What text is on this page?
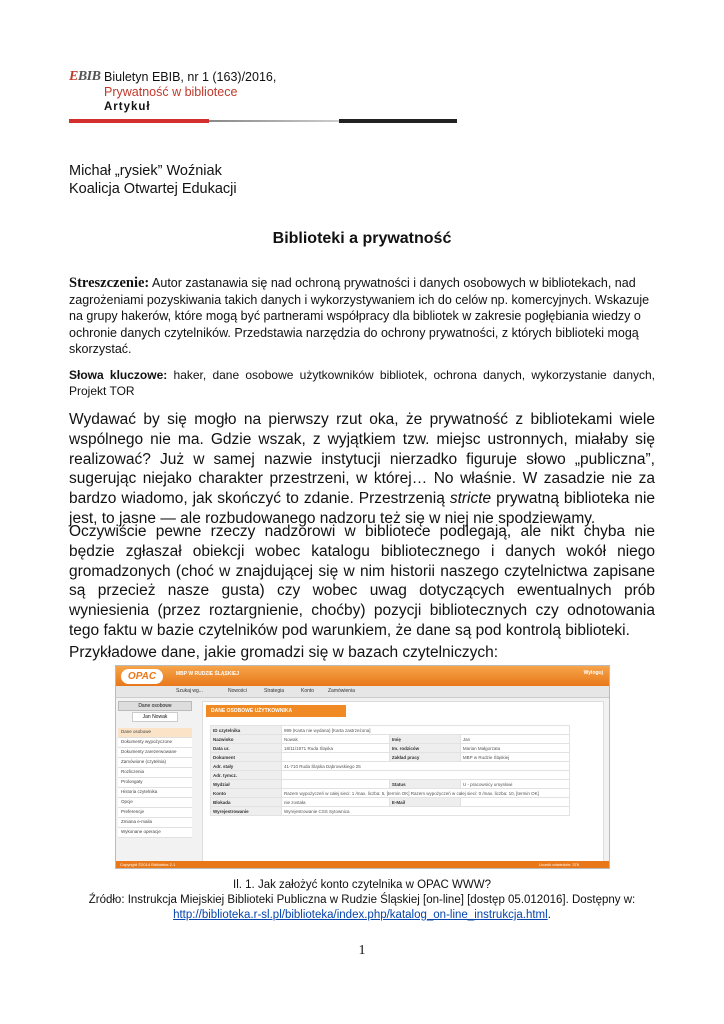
EBIB Biuletyn EBIB, nr 1 (163)/2016,
Prywatność w bibliotece
Artykuł
Michał „rysiek” Woźniak
Koalicja Otwartej Edukacji
Biblioteki a prywatność
Streszczenie: Autor zastanawia się nad ochroną prywatności i danych osobowych w bibliotekach, nad zagrożeniami pozyskiwania takich danych i wykorzystywaniem ich do celów np. komercyjnych. Wskazuje na grupy hakerów, które mogą być partnerami współpracy dla bibliotek w zakresie pogłębiania wiedzy o ochronie danych czytelników. Przedstawia narzędzia do ochrony prywatności, z których biblioteki mogą skorzystać.
Słowa kluczowe: haker, dane osobowe użytkowników bibliotek, ochrona danych, wykorzystanie danych, Projekt TOR
Wydawać by się mogło na pierwszy rzut oka, że prywatność z bibliotekami wiele wspólnego nie ma. Gdzie wszak, z wyjątkiem tzw. miejsc ustronnych, miałaby się realizować? Już w samej nazwie instytucji nierzadko figuruje słowo „publiczna”, sugerując niejako charakter przestrzeni, w której… No właśnie. W zasadzie nie za bardzo wiadomo, jak skończyć to zdanie. Przestrzenią stricte prywatną biblioteka nie jest, to jasne — ale rozbudowanego nadzoru też się w niej nie spodziewamy.
Oczywiście pewne rzeczy nadzorowi w bibliotece podlegają, ale nikt chyba nie będzie zgłaszał obiekcji wobec katalogu bibliotecznego i danych wokół niego gromadzonych (choć w znajdującej się w nim historii naszego czytelnictwa zapisane są przecież nasze gusta) czy wobec uwag dotyczących ewentualnych prób wyniesienia (przez roztargnienie, choćby) pozycji bibliotecznych czy odnotowania tego faktu w bazie czytelników pod warunkiem, że dane są pod kontrolą biblioteki.
Przykładowe dane, jakie gromadzi się w bazach czytelniczych:
OPAC	MBP W RUDZIE ŚLĄSKIEJ	Wyloguj
Szukaj wg...	Nowości	Strategia	Konto	Zamówienia
Dane osobowe
Jan Nowak
Dane osobowe
Dokumenty wypożyczone
Dokumenty zarezerwowane
Zamówione (czytelnia)
Rozliczenia
Prolongaty
Historia czytelnika
Opcje
Preferencje
Zmiana e-maila
Wykonane operacje
DANE OSOBOWE UŻYTKOWNIKA
ID czytelnika	999 (Karta nie wydana) [Karta zastrzeżona]		
Nazwisko	Nowak	Imię	Jan
Data ur.	18/11/1971 Ruda Śląska	Im. rodziców	Marian Małgorzata
Dokument		Zakład pracy	MBP w Rudzie Śląskiej
Adr. stały	41-710 Ruda Śląska Dąbrowskiego 25		
Adr. tymcz.			
Wydział		Status	U - pracownicy umysłowi
Konto	Razem wypożyczeń w całej sieci: 1 /max. liczba: 5, [termin OK] Razem wypożyczeń w całej sieci: 0 /max. liczba: 10, [termin OK]		
Blokada	nie została	E-Mail	
Wyrejestrowanie	Wyrejestrowanie CSS Sytownica		
Copyright ©2014 Biblioteka 2.1	Licznik odwiedzin: 376
Il. 1. Jak założyć konto czytelnika w OPAC WWW?
Źródło: Instrukcja Miejskiej Biblioteki Publiczna w Rudzie Śląskiej [on-line] [dostęp 05.012016]. Dostępny w:
http://biblioteka.r-sl.pl/biblioteka/index.php/katalog_on-line_instrukcja.html.
1
